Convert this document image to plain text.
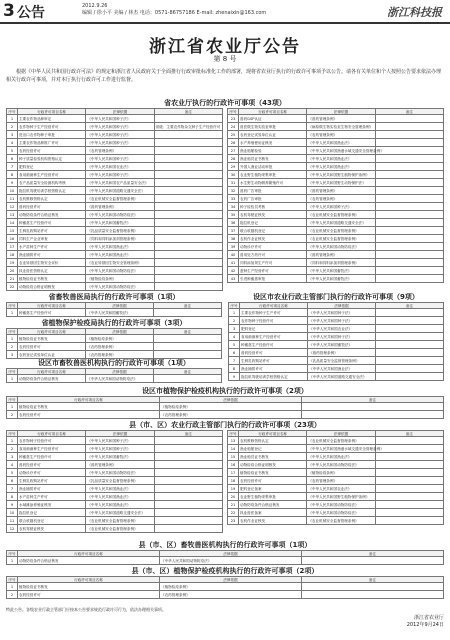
3 公告	2012.9.26
编辑 / 徐小平 美编 / 林杰 电话：0571-86757186 E-mail: zhenaixin@163.com	浙江科技报
浙江省农业厅公告
第 8 号
根据《中华人民共和国行政许可法》的规定和浙江省人民政府关于全面推行行政审批标准化工作的部署，现将省农业厅执行的行政许可事项予以公告。请各有关单位和个人按照公告要求依法办理相关行政许可事项，并对本厅执行行政许可工作进行监督。
省农业厅执行的行政许可事项（43项）
序号	行政许可项目名称	法律依据	备注
1	主要农作物品种审定	《中华人民共和国种子法》	
2	农作物种子生产经营许可	《中华人民共和国种子法》	省级：主要农作物杂交种子生产经营许可
3	进出口农作物种子审批	《中华人民共和国种子法》	
4	主要农作物品种推广许可	《中华人民共和国种子法》	
5	农药经营许可	《农药管理条例》	
6	种子质量检验机构资格认定	《中华人民共和国种子法》	
7	肥料登记	《中华人民共和国农业法》	
8	食用菌菌种生产经营许可	《中华人民共和国种子法》	
9	农产品质量安全检测机构考核	《中华人民共和国农产品质量安全法》	
10	拖拉机驾驶培训学校资格认定	《中华人民共和国道路交通安全法》	
11	农机维修资格认定	《农业机械安全监督管理条例》	
12	兽药经营许可	《兽药管理条例》	
13	动物防疫条件合格证核发	《中华人民共和国动物防疫法》	
14	种畜禽生产经营许可	《中华人民共和国畜牧法》	
15	生鲜乳收购站许可	《乳品质量安全监督管理条例》	
16	饲料生产企业审查	《饲料和饲料添加剂管理条例》	
17	水产苗种生产许可	《中华人民共和国渔业法》	
18	渔业捕捞许可	《中华人民共和国渔业法》	
19	农业转基因生物安全评价	《农业转基因生物安全管理条例》	
20	执业兽医资格认定	《中华人民共和国动物防疫法》	
21	植物检疫证书核发	《植物检疫条例》	
22	动物检疫合格证明核发	《中华人民共和国动物防疫法》	
序号	行政许可项目名称	法律依据	备注
23	兽药GSP认证	《兽药管理条例》	
24	兽医微生物实验室审批	《病原微生物实验室生物安全管理条例》	
25	农药登记试验单位认证	《农药管理条例》	
26	水产养殖使用证核发	《中华人民共和国渔业法》	
27	渔业船舶检验	《中华人民共和国渔港水域交通安全管理条例》	
28	渔业船员证书核发	《中华人民共和国渔业法》	
29	外国人渔业活动审批	《中华人民共和国渔业法》	
30	农业野生植物采集审批	《中华人民共和国野生植物保护条例》	
31	水生野生动物驯养繁殖许可	《中华人民共和国野生动物保护法》	
32	兽药广告审批	《兽药管理条例》	
33	农药广告审批	《农药管理条例》	
34	种子检验员考核	《中华人民共和国种子法》	
35	农机驾驶证核发	《农业机械安全监督管理条例》	
36	拖拉机登记	《中华人民共和国道路交通安全法》	
37	联合收割机登记	《农业机械安全监督管理条例》	
38	农机作业证核发	《农业机械安全监督管理条例》	
39	动物诊疗许可	《中华人民共和国动物防疫法》	
40	兽用处方药许可	《兽药管理条例》	
41	饲料添加剂生产许可	《饲料和饲料添加剂管理条例》	
42	蚕种生产经营许可	《中华人民共和国畜牧法》	
43	引进种畜禽审批	《中华人民共和国畜牧法》	
省畜牧兽医局执行的行政许可事项（1项）
序号	行政许可项目名称	法律依据	备注
1	种畜禽生产经营许可	《中华人民共和国畜牧法》	
省植物保护检疫局执行的行政许可事项（3项）
序号	行政许可项目名称	法律依据	备注
1	植物检疫证书核发	《植物检疫条例》	
2	农药经营许可	《农药管理条例》	
3	农药登记试验单位认证	《农药管理条例》	
设区市畜牧兽医机构执行的行政许可事项（1项）
序号	行政许可项目名称	法律依据	备注
1	动物防疫条件合格证核发	《中华人民共和国动物防疫法》	
设区市农业行政主管部门执行的行政许可事项（9项）
序号	行政许可项目名称	法律依据	备注
1	主要农作物种子生产许可	《中华人民共和国种子法》	
2	农作物种子经营许可	《中华人民共和国种子法》	
3	肥料登记	《中华人民共和国农业法》	
4	食用菌菌种生产经营许可	《中华人民共和国种子法》	
5	种畜禽生产经营许可	《中华人民共和国畜牧法》	
6	兽药经营许可	《兽药管理条例》	
7	生鲜乳收购站许可	《乳品质量安全监督管理条例》	
8	渔业捕捞许可	《中华人民共和国渔业法》	
9	拖拉机驾驶培训学校资格认定	《中华人民共和国道路交通安全法》	
设区市植物保护检疫机构执行的行政许可事项（2项）
序号	行政许可项目名称	法律依据	备注
1	植物检疫证书核发	《植物检疫条例》	
2	农药经营许可	《农药管理条例》	
县（市、区）农业行政主管部门执行的行政许可事项（23项）
序号	行政许可项目名称	法律依据	备注
1	农作物种子经营许可	《中华人民共和国种子法》	
2	食用菌菌种生产经营许可	《中华人民共和国种子法》	
3	种畜禽生产经营许可	《中华人民共和国畜牧法》	
4	兽药经营许可	《兽药管理条例》	
5	动物诊疗许可	《中华人民共和国动物防疫法》	
6	生鲜乳收购站许可	《乳品质量安全监督管理条例》	
7	渔业捕捞许可	《中华人民共和国渔业法》	
8	水产苗种生产许可	《中华人民共和国渔业法》	
9	水域滩涂养殖证核发	《中华人民共和国渔业法》	
10	拖拉机登记	《中华人民共和国道路交通安全法》	
11	联合收割机登记	《农业机械安全监督管理条例》	
12	农机驾驶证核发	《农业机械安全监督管理条例》	
序号	行政许可项目名称	法律依据	备注
13	农机维修资格认定	《农业机械安全监督管理条例》	
14	渔业船舶登记	《中华人民共和国渔港水域交通安全管理条例》	
15	渔业船员证书核发	《中华人民共和国渔业法》	
16	动物检疫合格证明核发	《中华人民共和国动物防疫法》	
17	植物检疫证书核发	《植物检疫条例》	
18	农药经营许可	《农药管理条例》	
19	肥料登记备案	《中华人民共和国农业法》	
20	农业野生植物采集审批	《中华人民共和国野生植物保护条例》	
21	动物防疫条件合格证核发	《中华人民共和国动物防疫法》	
22	执业兽医备案	《中华人民共和国动物防疫法》	
23	农机作业证核发	《农业机械安全监督管理条例》	
县（市、区）畜牧兽医机构执行的行政许可事项（1项）
序号	行政许可项目名称	法律依据	备注
1	动物防疫条件合格证核发	《中华人民共和国动物防疫法》	
县（市、区）植物保护检疫机构执行的行政许可事项（2项）
序号	行政许可项目名称	法律依据	备注
1	植物检疫证书核发	《植物检疫条例》	
2	农药经营许可	《农药管理条例》	
特此公告。各级农业行政主管部门应按本公告要求规范行政许可行为，依法办理相关事项。
浙江省农业厅
2012年9月24日
